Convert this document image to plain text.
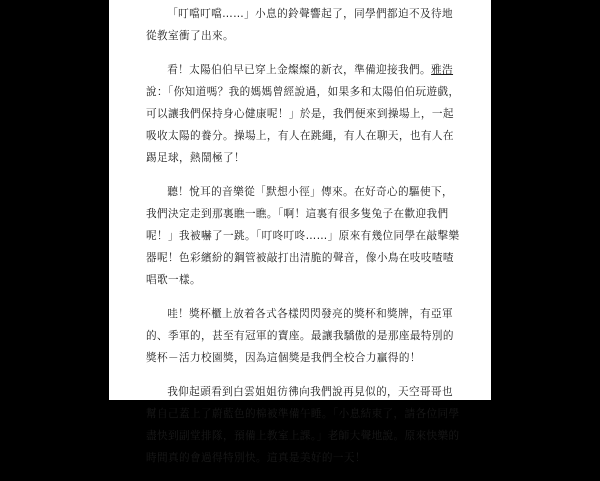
「叮噹叮噹……」小息的鈴聲響起了，同學們都迫不及待地從教室衝了出來。

看！太陽伯伯早已穿上金燦燦的新衣，準備迎接我們。雅浩說：「你知道嗎？我的媽媽曾經說過，如果多和太陽伯伯玩遊戲，可以讓我們保持身心健康呢！」於是，我們便來到操場上，一起吸收太陽的養分。操場上，有人在跳繩，有人在聊天，也有人在踢足球，熱鬧極了！

聽！悅耳的音樂從「默想小徑」傳來。在好奇心的驅使下，我們決定走到那裏瞧一瞧。「啊！這裏有很多隻兔子在歡迎我們呢！」我被嚇了一跳。「叮咚叮咚……」原來有幾位同學在敲擊樂器呢！色彩繽紛的鋼管被敲打出清脆的聲音，像小鳥在吱吱喳喳唱歌一樣。

哇！獎杯櫃上放着各式各樣閃閃發亮的獎杯和獎牌，有亞軍的、季軍的，甚至有冠軍的寶座。最讓我驕傲的是那座最特別的獎杯－活力校園獎，因為這個獎是我們全校合力贏得的！

我仰起頭看到白雲姐姐彷彿向我們說再見似的，天空哥哥也幫自己蓋上了蔚藍色的棉被準備午睡。「小息結束了，請各位同學盡快到副堂排隊，預備上教室上課。」老師大聲地說。原來快樂的時間真的會過得特別快。這真是美好的一天！
